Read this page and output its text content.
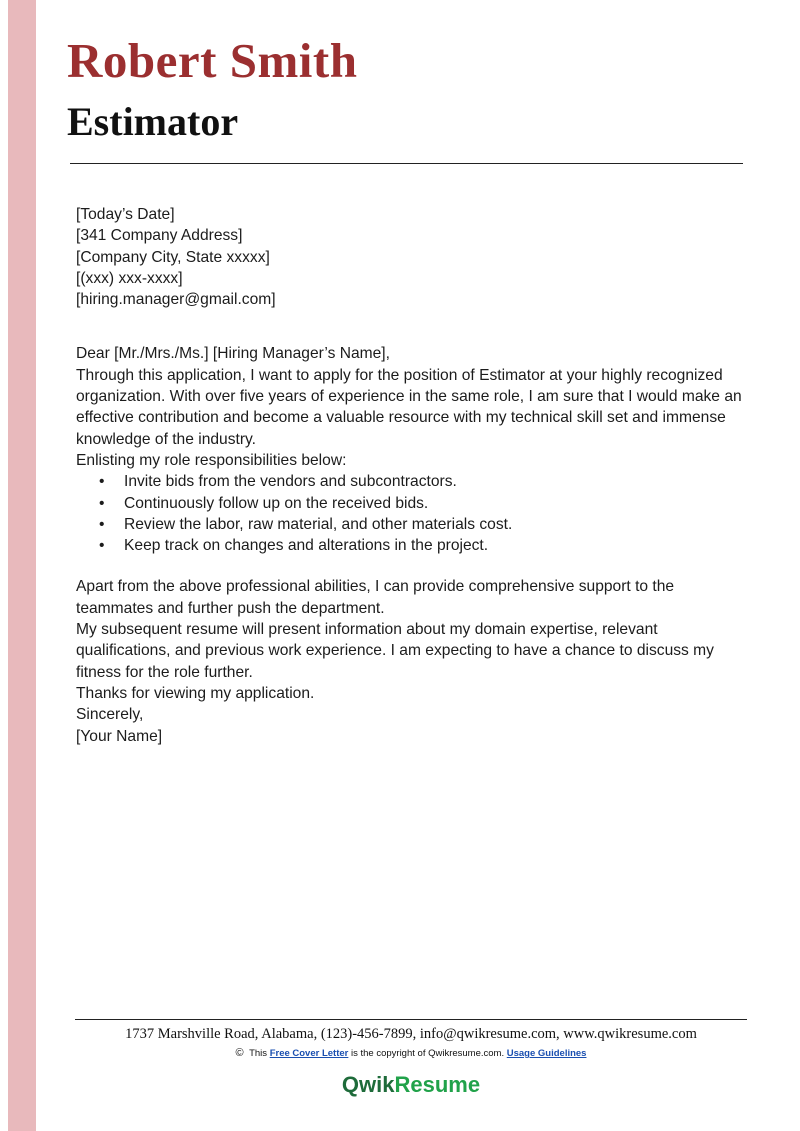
Robert Smith
Estimator

[Today’s Date]

[341 Company Address]

[Company City, State xxxxx]

[(xxx) xxx-xxxx]

[hiring.manager@gmail.com]

Dear [Mr./Mrs./Ms.] [Hiring Manager’s Name],

Through this application, I want to apply for the position of Estimator at your highly recognized organization. With over five years of experience in the same role, I am sure that I would make an effective contribution and become a valuable resource with my technical skill set and immense knowledge of the industry.

Enlisting my role responsibilities below:

• Invite bids from the vendors and subcontractors.
• Continuously follow up on the received bids.
• Review the labor, raw material, and other materials cost.
• Keep track on changes and alterations in the project.

Apart from the above professional abilities, I can provide comprehensive support to the teammates and further push the department.

My subsequent resume will present information about my domain expertise, relevant qualifications, and previous work experience. I am expecting to have a chance to discuss my fitness for the role further.

Thanks for viewing my application.

Sincerely,

[Your Name]

1737 Marshville Road, Alabama, (123)-456-7899, info@qwikresume.com, www.qwikresume.com
© This Free Cover Letter is the copyright of Qwikresume.com. Usage Guidelines
QwikResume
